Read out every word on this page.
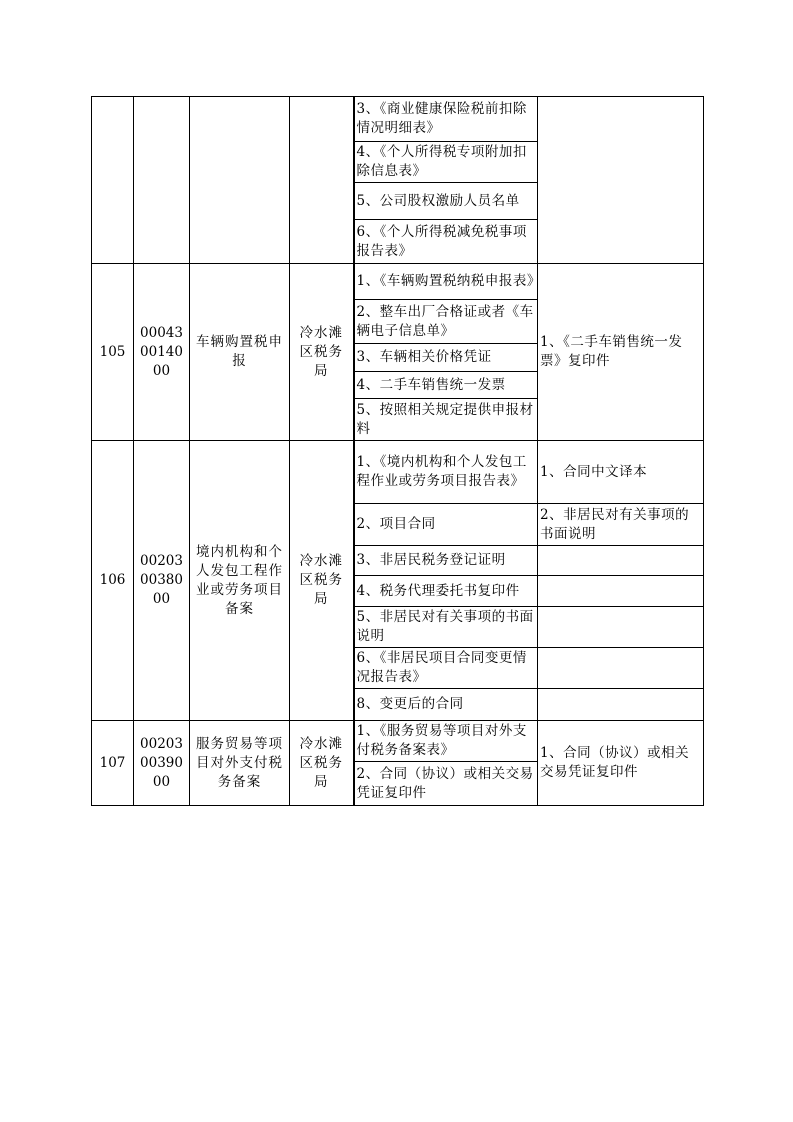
				3、《商业健康保险税前扣除情况明细表》	
				4、《个人所得税专项附加扣除信息表》	
				5、公司股权激励人员名单	
				6、《个人所得税减免税事项报告表》	
105	000430014000	车辆购置税申报	冷水滩区税务局	1、《车辆购置税纳税申报表》	1、《二手车销售统一发票》复印件
				2、整车出厂合格证或者《车辆电子信息单》	
				3、车辆相关价格凭证	
				4、二手车销售统一发票	
				5、按照相关规定提供申报材料	
106	002030038000	境内机构和个人发包工程作业或劳务项目备案	冷水滩区税务局	1、《境内机构和个人发包工程作业或劳务项目报告表》	1、合同中文译本
				2、项目合同	2、非居民对有关事项的书面说明
				3、非居民税务登记证明	
				4、税务代理委托书复印件	
				5、非居民对有关事项的书面说明	
				6、《非居民项目合同变更情况报告表》	
				8、变更后的合同	
107	002030039000	服务贸易等项目对外支付税务备案	冷水滩区税务局	1、《服务贸易等项目对外支付税务备案表》	1、合同（协议）或相关交易凭证复印件
				2、合同（协议）或相关交易凭证复印件	
